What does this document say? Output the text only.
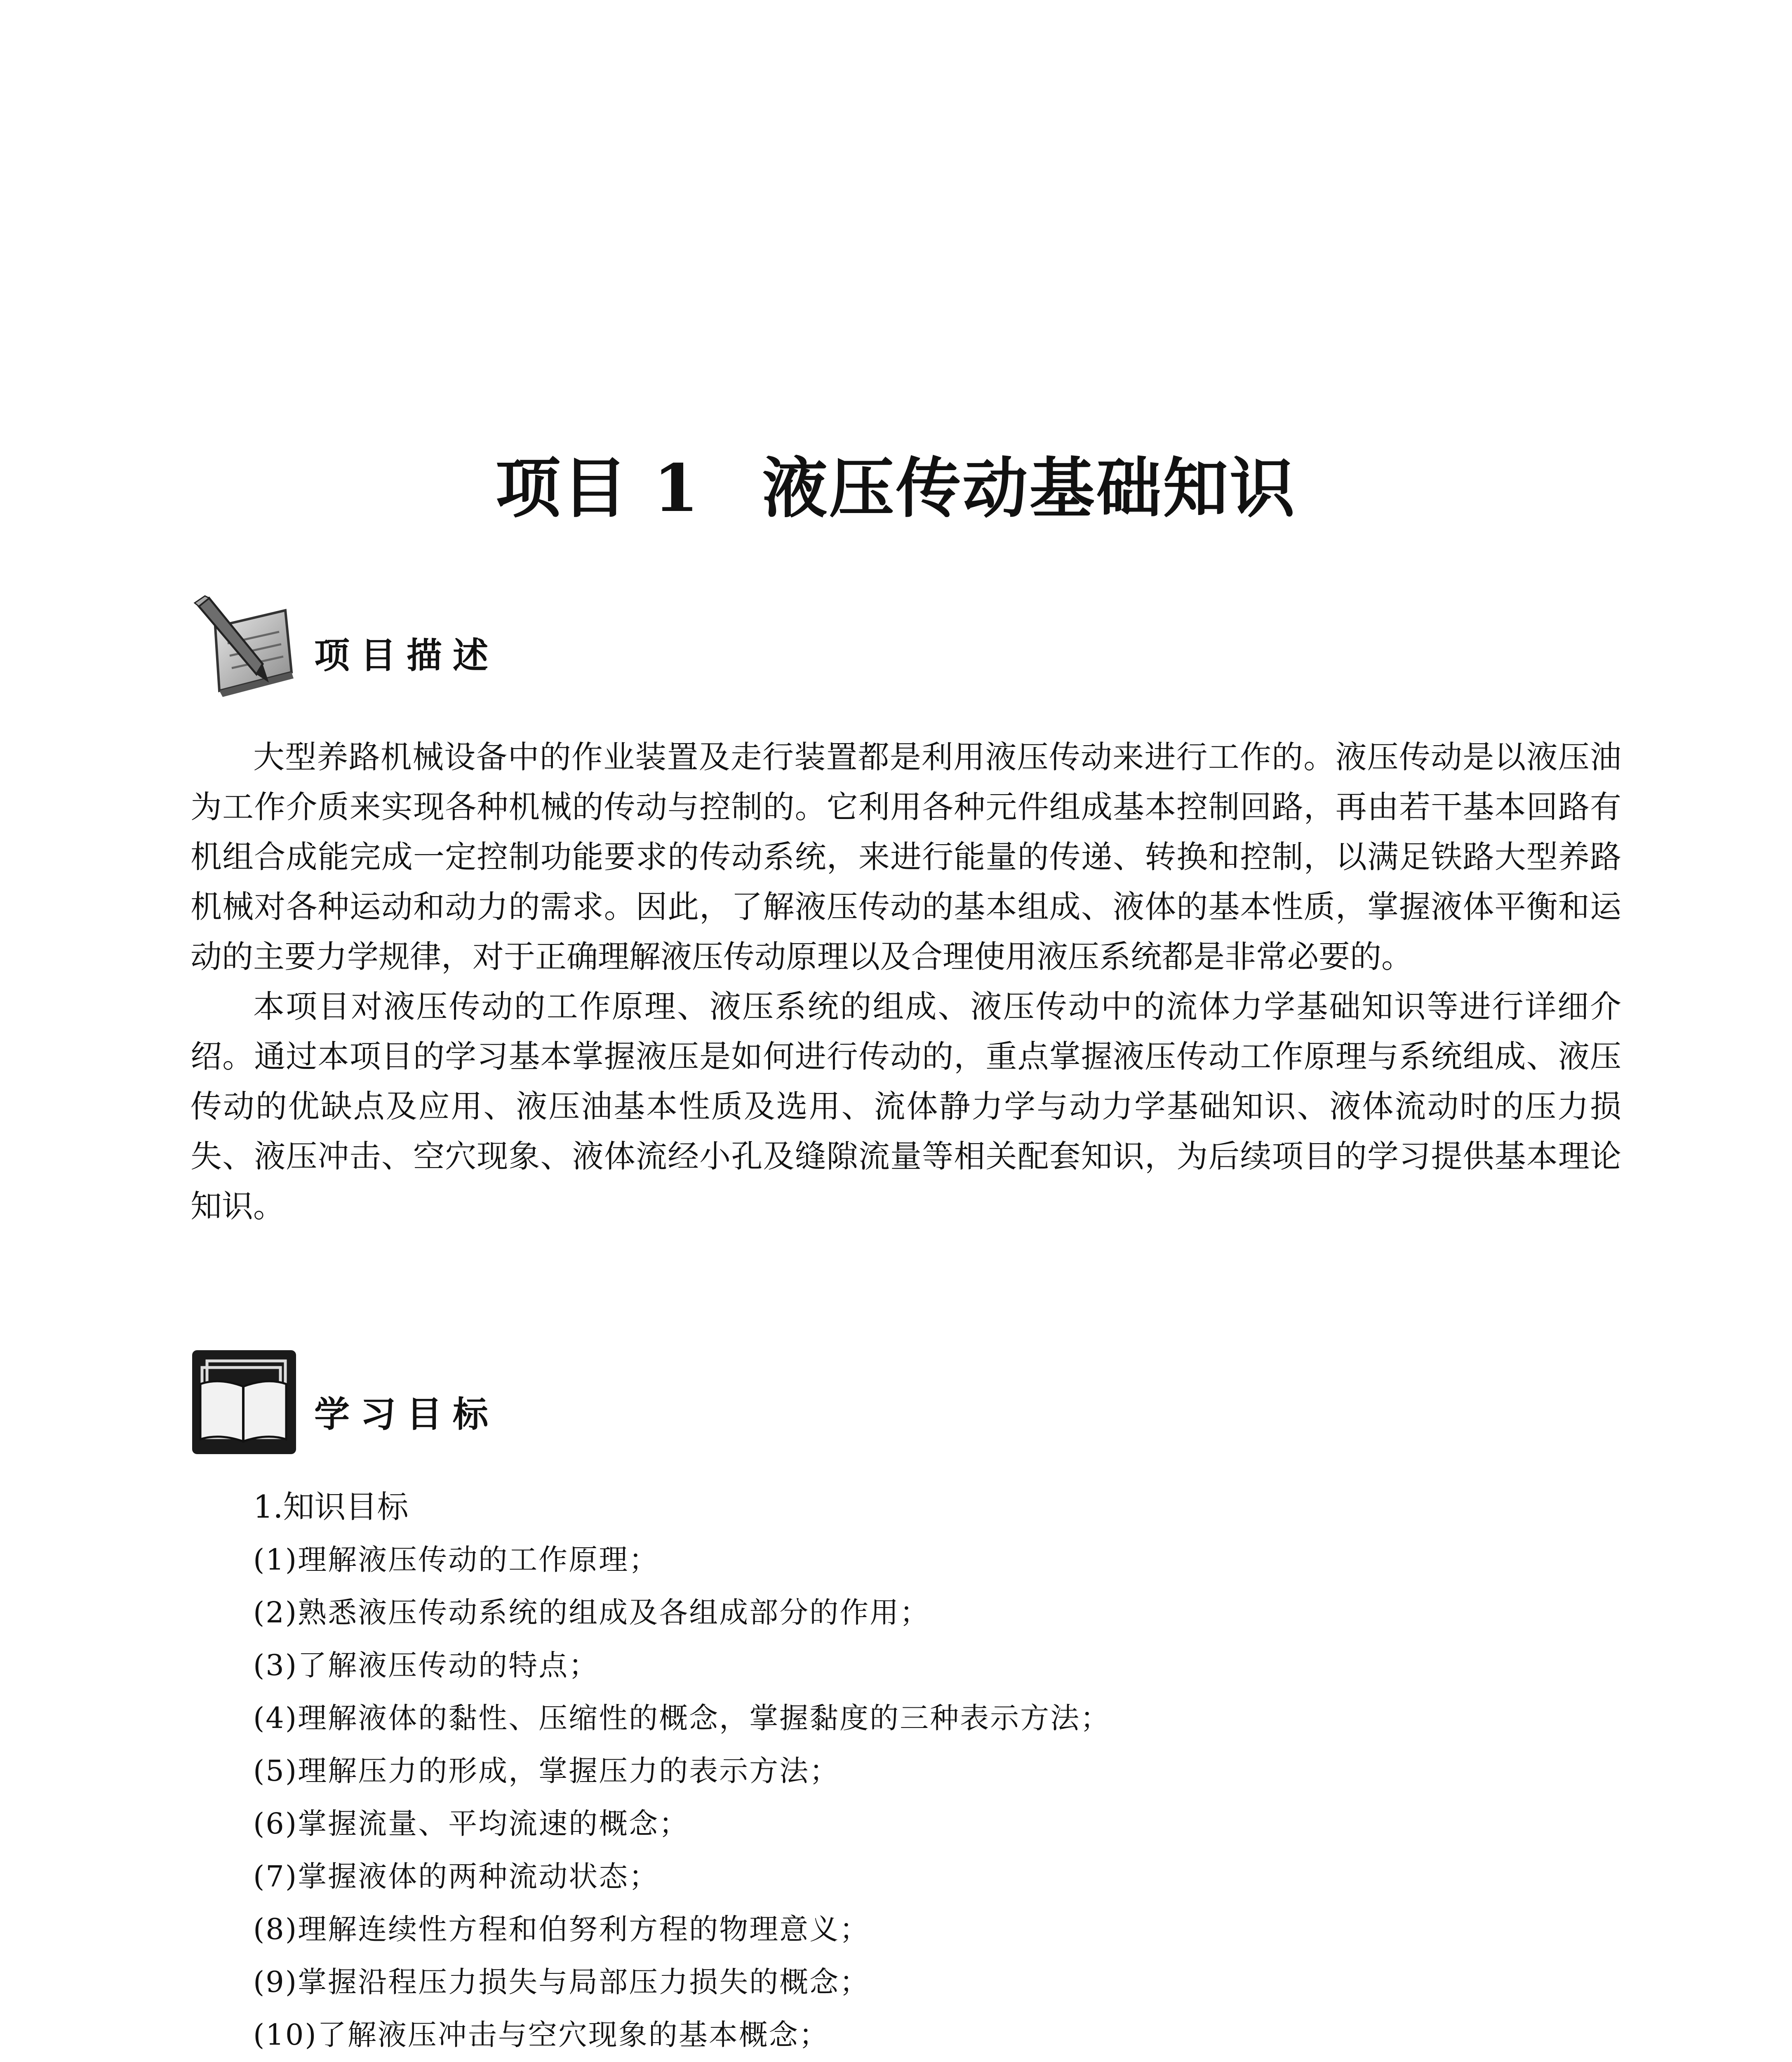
项目 1 液压传动基础知识
项目描述

大型养路机械设备中的作业装置及走行装置都是利用液压传动来进行工作的。液压传动是以液压油为工作介质来实现各种机械的传动与控制的。它利用各种元件组成基本控制回路，再由若干基本回路有机组合成能完成一定控制功能要求的传动系统，来进行能量的传递、转换和控制，以满足铁路大型养路机械对各种运动和动力的需求。因此，了解液压传动的基本组成、液体的基本性质，掌握液体平衡和运动的主要力学规律，对于正确理解液压传动原理以及合理使用液压系统都是非常必要的。

本项目对液压传动的工作原理、液压系统的组成、液压传动中的流体力学基础知识等进行详细介绍。通过本项目的学习基本掌握液压是如何进行传动的，重点掌握液压传动工作原理与系统组成、液压传动的优缺点及应用、液压油基本性质及选用、流体静力学与动力学基础知识、液体流动时的压力损失、液压冲击、空穴现象、液体流经小孔及缝隙流量等相关配套知识，为后续项目的学习提供基本理论知识。

学习目标

1.知识目标

(1)理解液压传动的工作原理；

(2)熟悉液压传动系统的组成及各组成部分的作用；

(3)了解液压传动的特点；

(4)理解液体的黏性、压缩性的概念，掌握黏度的三种表示方法；

(5)理解压力的形成，掌握压力的表示方法；

(6)掌握流量、平均流速的概念；

(7)掌握液体的两种流动状态；

(8)理解连续性方程和伯努利方程的物理意义；

(9)掌握沿程压力损失与局部压力损失的概念；

(10)了解液压冲击与空穴现象的基本概念；
